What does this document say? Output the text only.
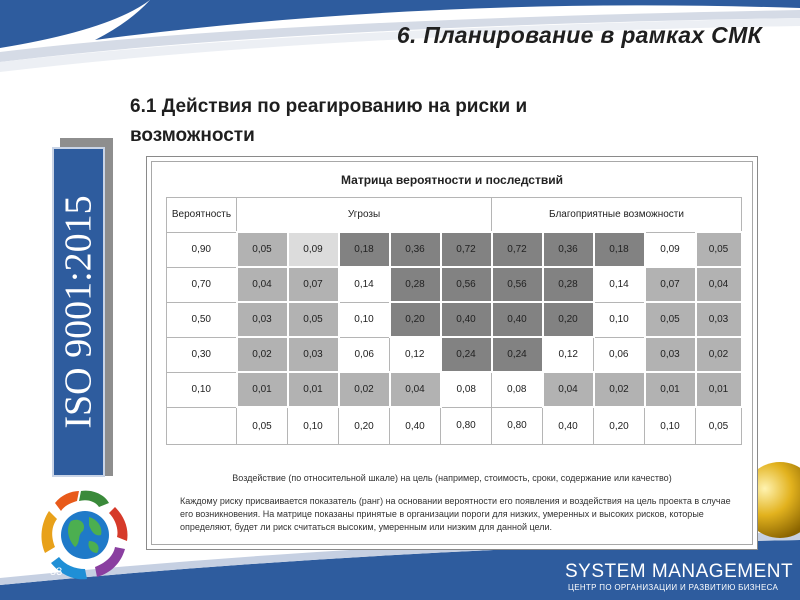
6. Планирование в рамках СМК
6.1 Действия по реагированию на риски и
возможности
ISO 9001:2015
53	SYSTEM MANAGEMENT
ЦЕНТР ПО ОРГАНИЗАЦИИ И РАЗВИТИЮ БИЗНЕСА
Матрица вероятности и последствий
Вероятность	Угрозы					Благоприятные возможности				
0,90	0,05	0,09	0,18	0,36	0,72	0,72	0,36	0,18	0,09	0,05
0,70	0,04	0,07	0,14	0,28	0,56	0,56	0,28	0,14	0,07	0,04
0,50	0,03	0,05	0,10	0,20	0,40	0,40	0,20	0,10	0,05	0,03
0,30	0,02	0,03	0,06	0,12	0,24	0,24	0,12	0,06	0,03	0,02
0,10	0,01	0,01	0,02	0,04	0,08	0,08	0,04	0,02	0,01	0,01
	0,05	0,10	0,20	0,40	0,80	0,80	0,40	0,20	0,10	0,05
Воздействие (по относительной шкале) на цель (например, стоимость, сроки, содержание или качество)
Каждому риску присваивается показатель (ранг) на основании вероятности его появления и воздействия на цель проекта в случае его возникновения. На матрице показаны принятые в организации пороги для низких, умеренных и высоких рисков, которые определяют, будет ли риск считаться высоким, умеренным или низким для данной цели.
